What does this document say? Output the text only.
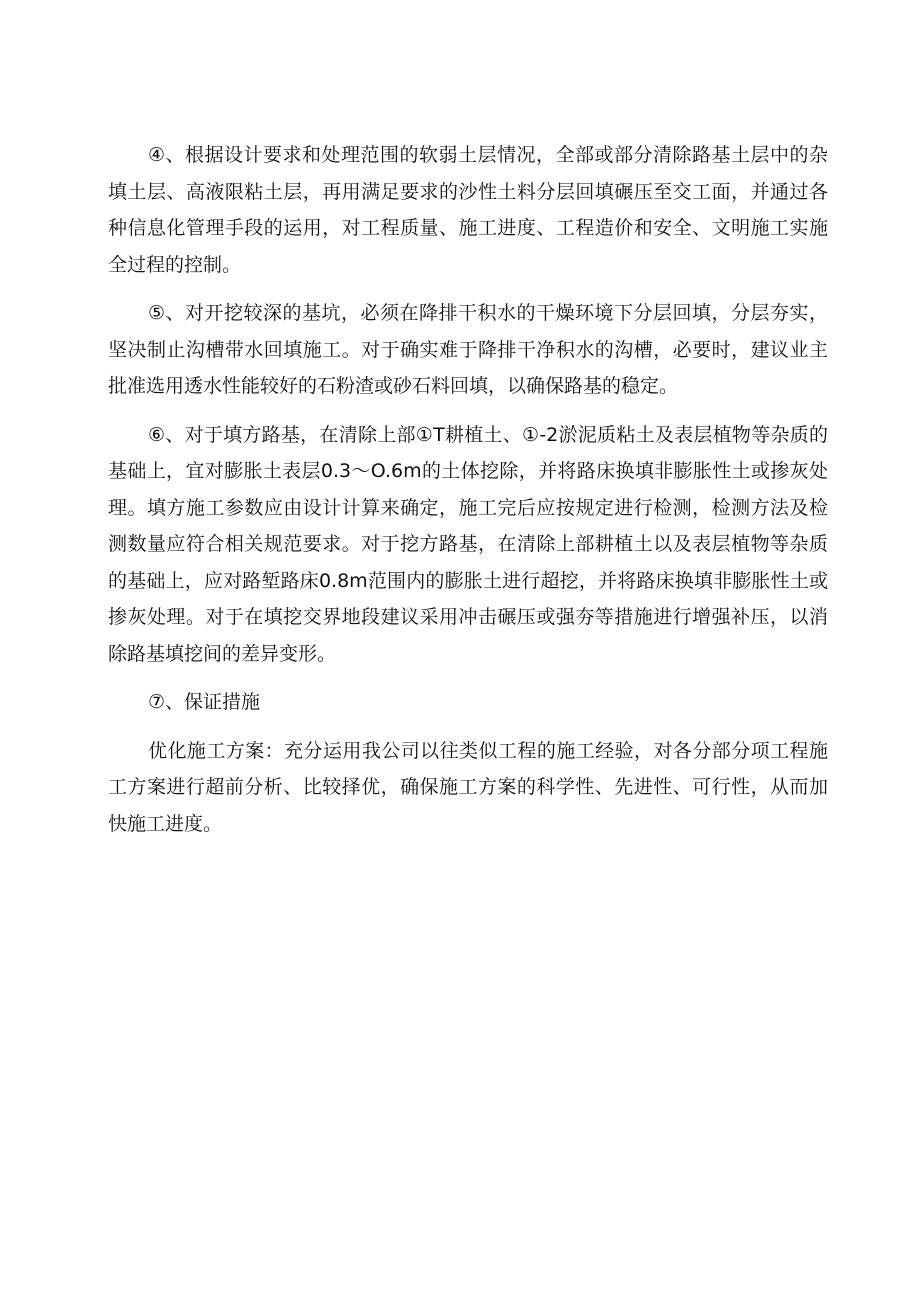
④、根据设计要求和处理范围的软弱土层情况，全部或部分清除路基土层中的杂填土层、高液限粘土层，再用满足要求的沙性土料分层回填碾压至交工面，并通过各种信息化管理手段的运用，对工程质量、施工进度、工程造价和安全、文明施工实施全过程的控制。

⑤、对开挖较深的基坑，必须在降排干积水的干燥环境下分层回填，分层夯实，坚决制止沟槽带水回填施工。对于确实难于降排干净积水的沟槽，必要时，建议业主批准选用透水性能较好的石粉渣或砂石料回填，以确保路基的稳定。

⑥、对于填方路基，在清除上部①T耕植土、①-2淤泥质粘土及表层植物等杂质的基础上，宜对膨胀土表层0.3～O.6m的土体挖除，并将路床换填非膨胀性土或掺灰处理。填方施工参数应由设计计算来确定，施工完后应按规定进行检测，检测方法及检测数量应符合相关规范要求。对于挖方路基，在清除上部耕植土以及表层植物等杂质的基础上，应对路堑路床0.8m范围内的膨胀土进行超挖，并将路床换填非膨胀性土或掺灰处理。对于在填挖交界地段建议采用冲击碾压或强夯等措施进行增强补压，以消除路基填挖间的差异变形。

⑦、保证措施

优化施工方案：充分运用我公司以往类似工程的施工经验，对各分部分项工程施工方案进行超前分析、比较择优，确保施工方案的科学性、先进性、可行性，从而加快施工进度。
